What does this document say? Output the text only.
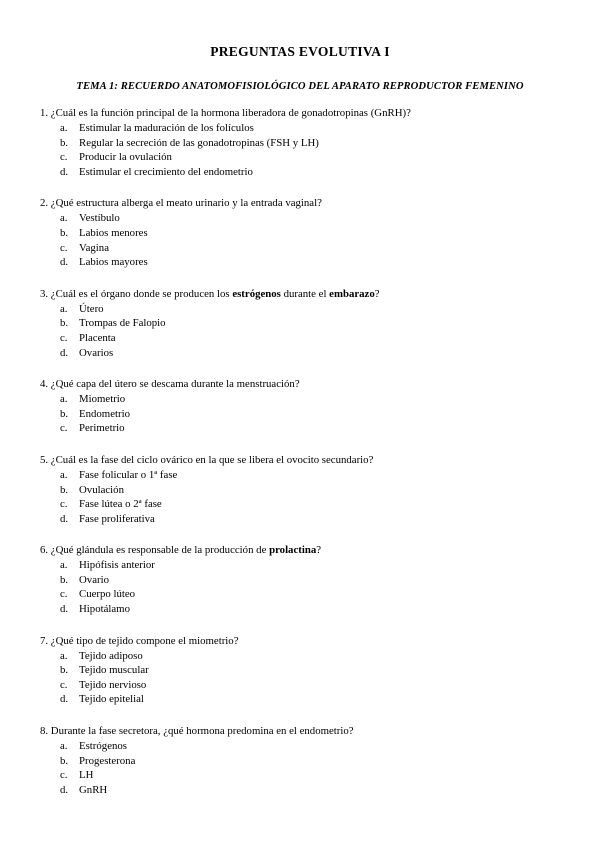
PREGUNTAS EVOLUTIVA I
TEMA 1: RECUERDO ANATOMOFISIOLÓGICO DEL APARATO REPRODUCTOR FEMENINO

1. ¿Cuál es la función principal de la hormona liberadora de gonadotropinas (GnRH)?

a.	Estimular la maduración de los folículos
b.	Regular la secreción de las gonadotropinas (FSH y LH)
c.	Producir la ovulación
d.	Estimular el crecimiento del endometrio

2. ¿Qué estructura alberga el meato urinario y la entrada vaginal?

a.	Vestíbulo
b.	Labios menores
c.	Vagina
d.	Labios mayores

3. ¿Cuál es el órgano donde se producen los estrógenos durante el embarazo?

a.	Útero
b.	Trompas de Falopio
c.	Placenta
d.	Ovarios

4. ¿Qué capa del útero se descama durante la menstruación?

a.	Miometrio
b.	Endometrio
c.	Perimetrio

5. ¿Cuál es la fase del ciclo ovárico en la que se libera el ovocito secundario?

a.	Fase folicular o 1ª fase
b.	Ovulación
c.	Fase lútea o 2ª fase
d.	Fase proliferativa

6. ¿Qué glándula es responsable de la producción de prolactina?

a.	Hipófisis anterior
b.	Ovario
c.	Cuerpo lúteo
d.	Hipotálamo

7. ¿Qué tipo de tejido compone el miometrio?

a.	Tejido adiposo
b.	Tejido muscular
c.	Tejido nervioso
d.	Tejido epitelial

8. Durante la fase secretora, ¿qué hormona predomina en el endometrio?

a.	Estrógenos
b.	Progesterona
c.	LH
d.	GnRH
